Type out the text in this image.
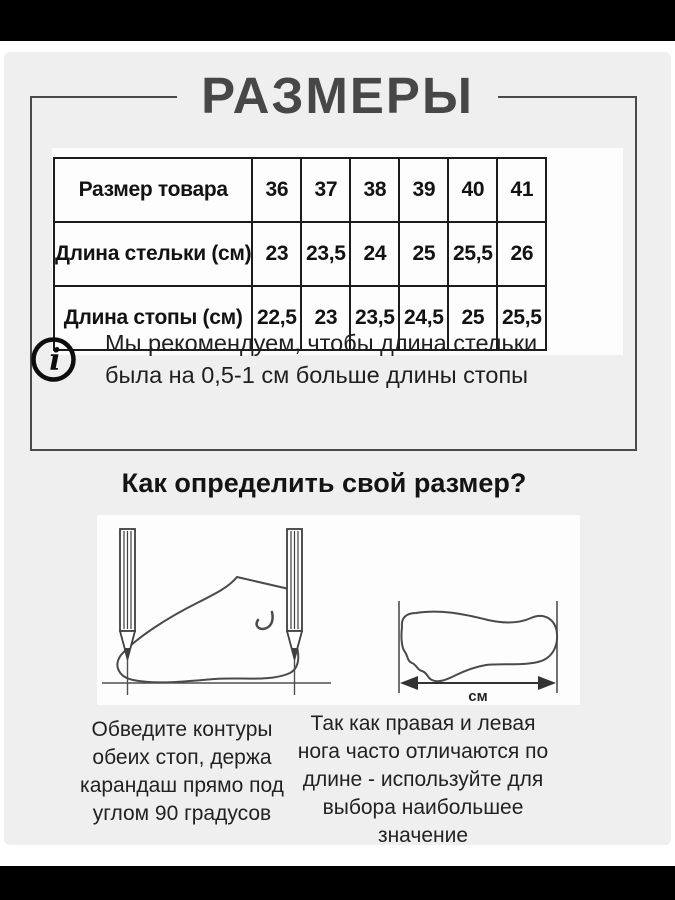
РАЗМЕРЫ
Размер товара	36	37	38	39	40	41
Длина стельки (см)	23	23,5	24	25	25,5	26
Длина стопы (см)	22,5	23	23,5	24,5	25	25,5
i Мы рекомендуем, чтобы длина стельки
была на 0,5-1 см больше длины стопы
Как определить свой размер?
см
Обведите контуры
обеих стоп, держа
карандаш прямо под
углом 90 градусов
Так как правая и левая
нога часто отличаются по
длине - используйте для
выбора наибольшее
значение
